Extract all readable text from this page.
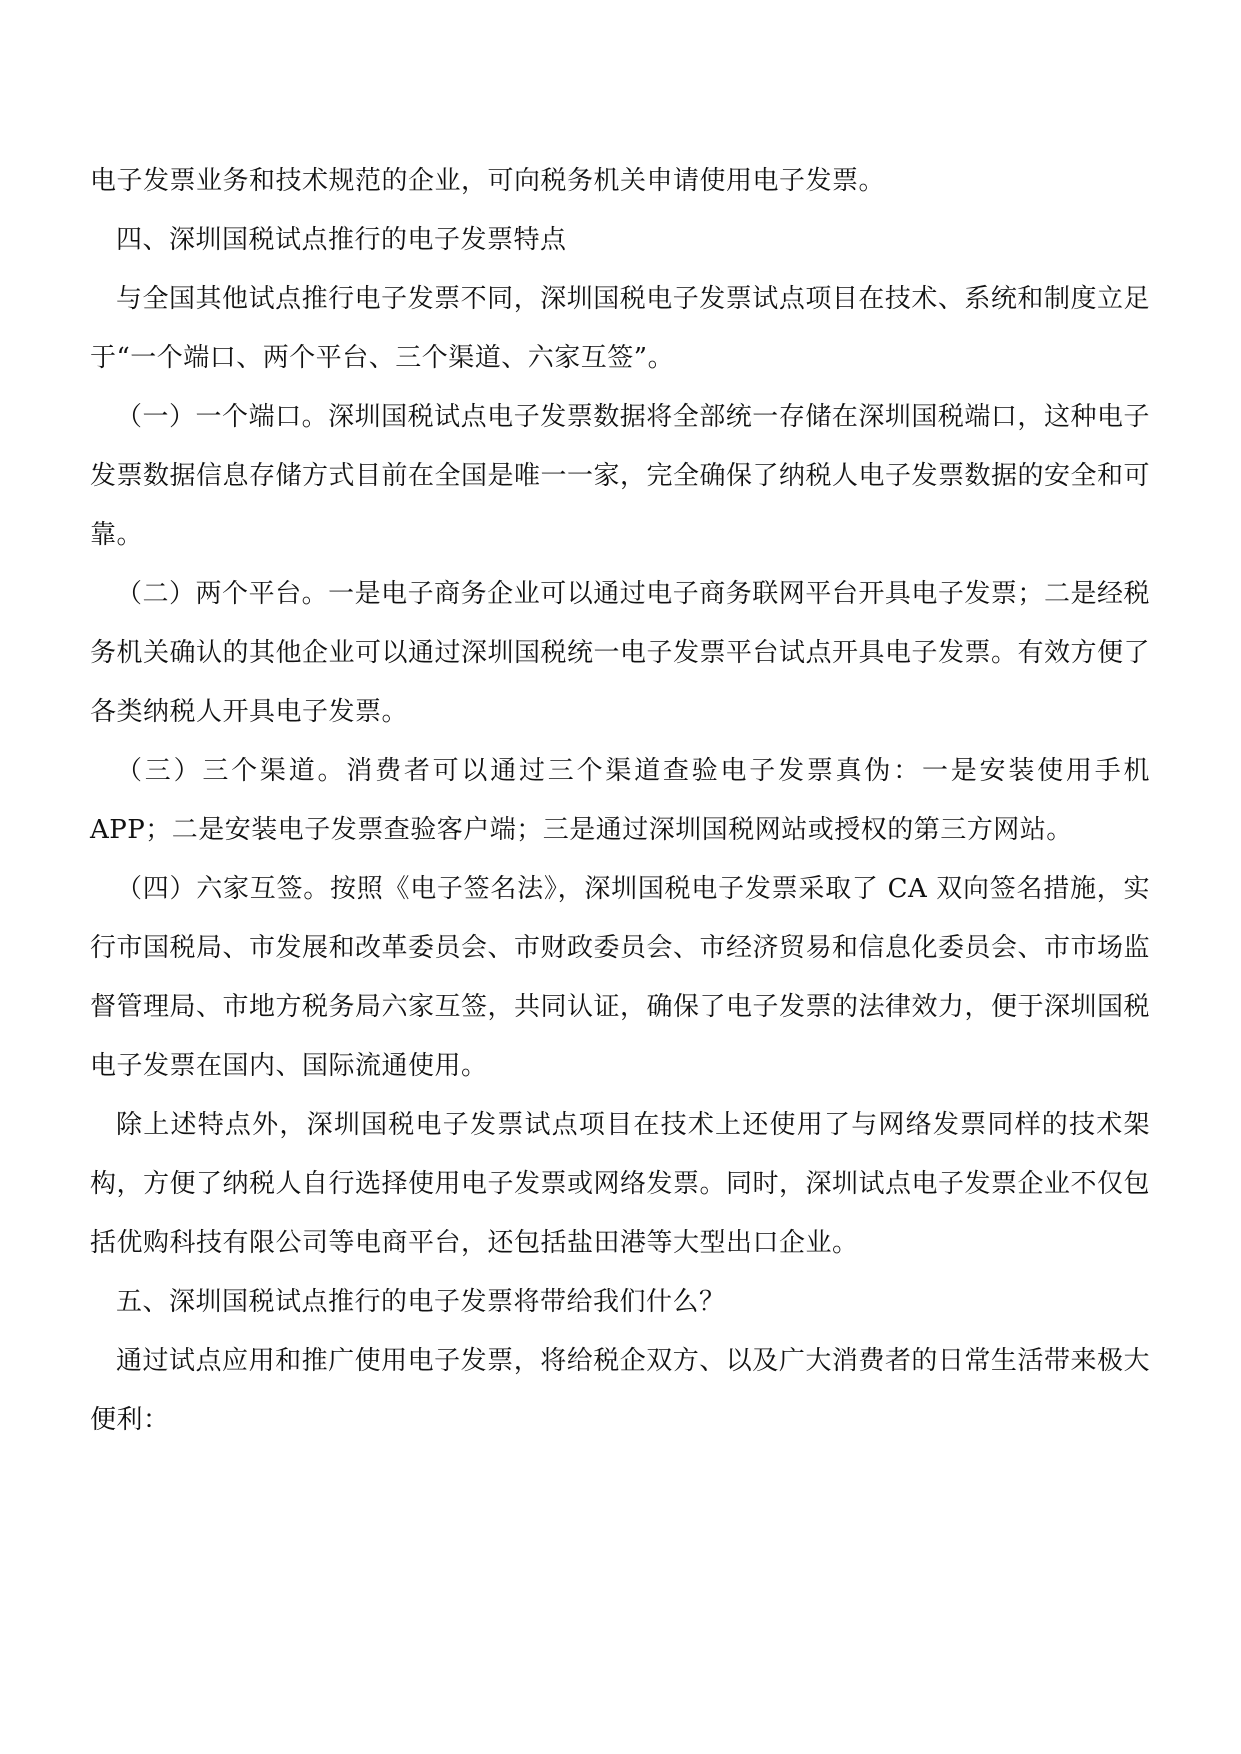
电子发票业务和技术规范的企业，可向税务机关申请使用电子发票。

四、深圳国税试点推行的电子发票特点

与全国其他试点推行电子发票不同，深圳国税电子发票试点项目在技术、系统和制度立足于“一个端口、两个平台、三个渠道、六家互签”。

（一）一个端口。深圳国税试点电子发票数据将全部统一存储在深圳国税端口，这种电子发票数据信息存储方式目前在全国是唯一一家，完全确保了纳税人电子发票数据的安全和可靠。

（二）两个平台。一是电子商务企业可以通过电子商务联网平台开具电子发票；二是经税务机关确认的其他企业可以通过深圳国税统一电子发票平台试点开具电子发票。有效方便了各类纳税人开具电子发票。

（三）三个渠道。消费者可以通过三个渠道查验电子发票真伪：一是安装使用手机 APP；二是安装电子发票查验客户端；三是通过深圳国税网站或授权的第三方网站。

（四）六家互签。按照《电子签名法》，深圳国税电子发票采取了 CA 双向签名措施，实行市国税局、市发展和改革委员会、市财政委员会、市经济贸易和信息化委员会、市市场监督管理局、市地方税务局六家互签，共同认证，确保了电子发票的法律效力，便于深圳国税电子发票在国内、国际流通使用。

除上述特点外，深圳国税电子发票试点项目在技术上还使用了与网络发票同样的技术架构，方便了纳税人自行选择使用电子发票或网络发票。同时，深圳试点电子发票企业不仅包括优购科技有限公司等电商平台，还包括盐田港等大型出口企业。

五、深圳国税试点推行的电子发票将带给我们什么？

通过试点应用和推广使用电子发票，将给税企双方、以及广大消费者的日常生活带来极大便利：
